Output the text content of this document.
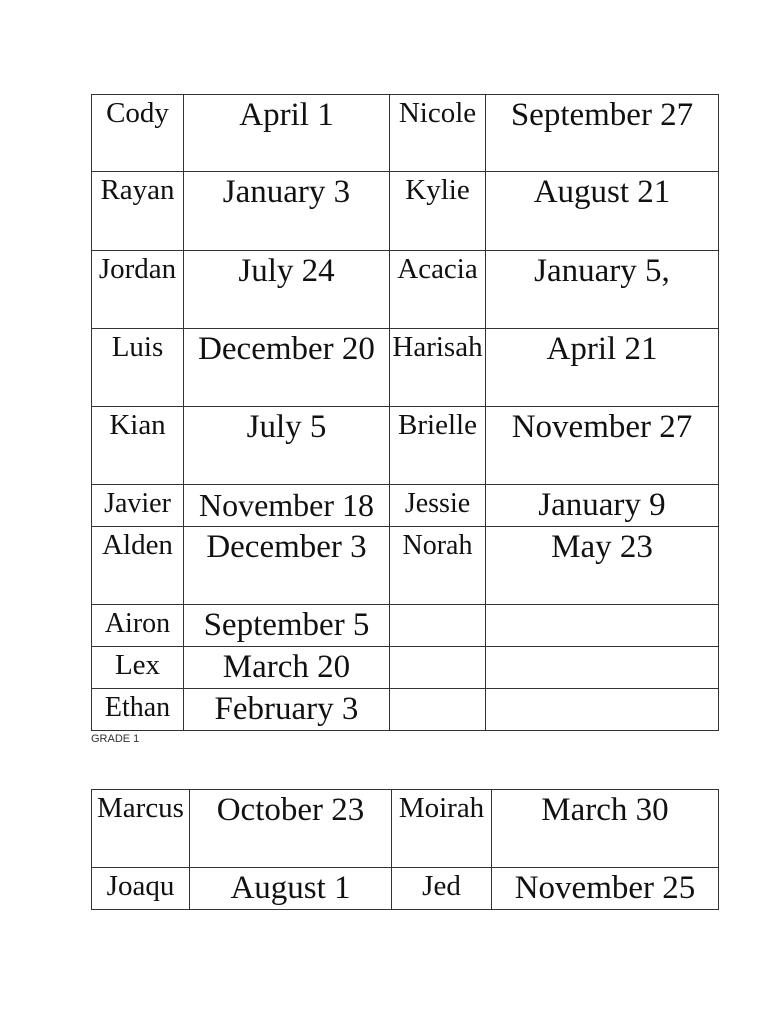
Cody	April 1	Nicole	September 27
Rayan	January 3	Kylie	August 21
Jordan	July 24	Acacia	January 5,
Luis	December 20	Harisah	April 21
Kian	July 5	Brielle	November 27
Javier	November 18	Jessie	January 9
Alden	December 3	Norah	May 23
Airon	September 5		
Lex	March 20		
Ethan	February 3		
GRADE 1
Marcus	October 23	Moirah	March 30
Joaqu	August 1	Jed	November 25
